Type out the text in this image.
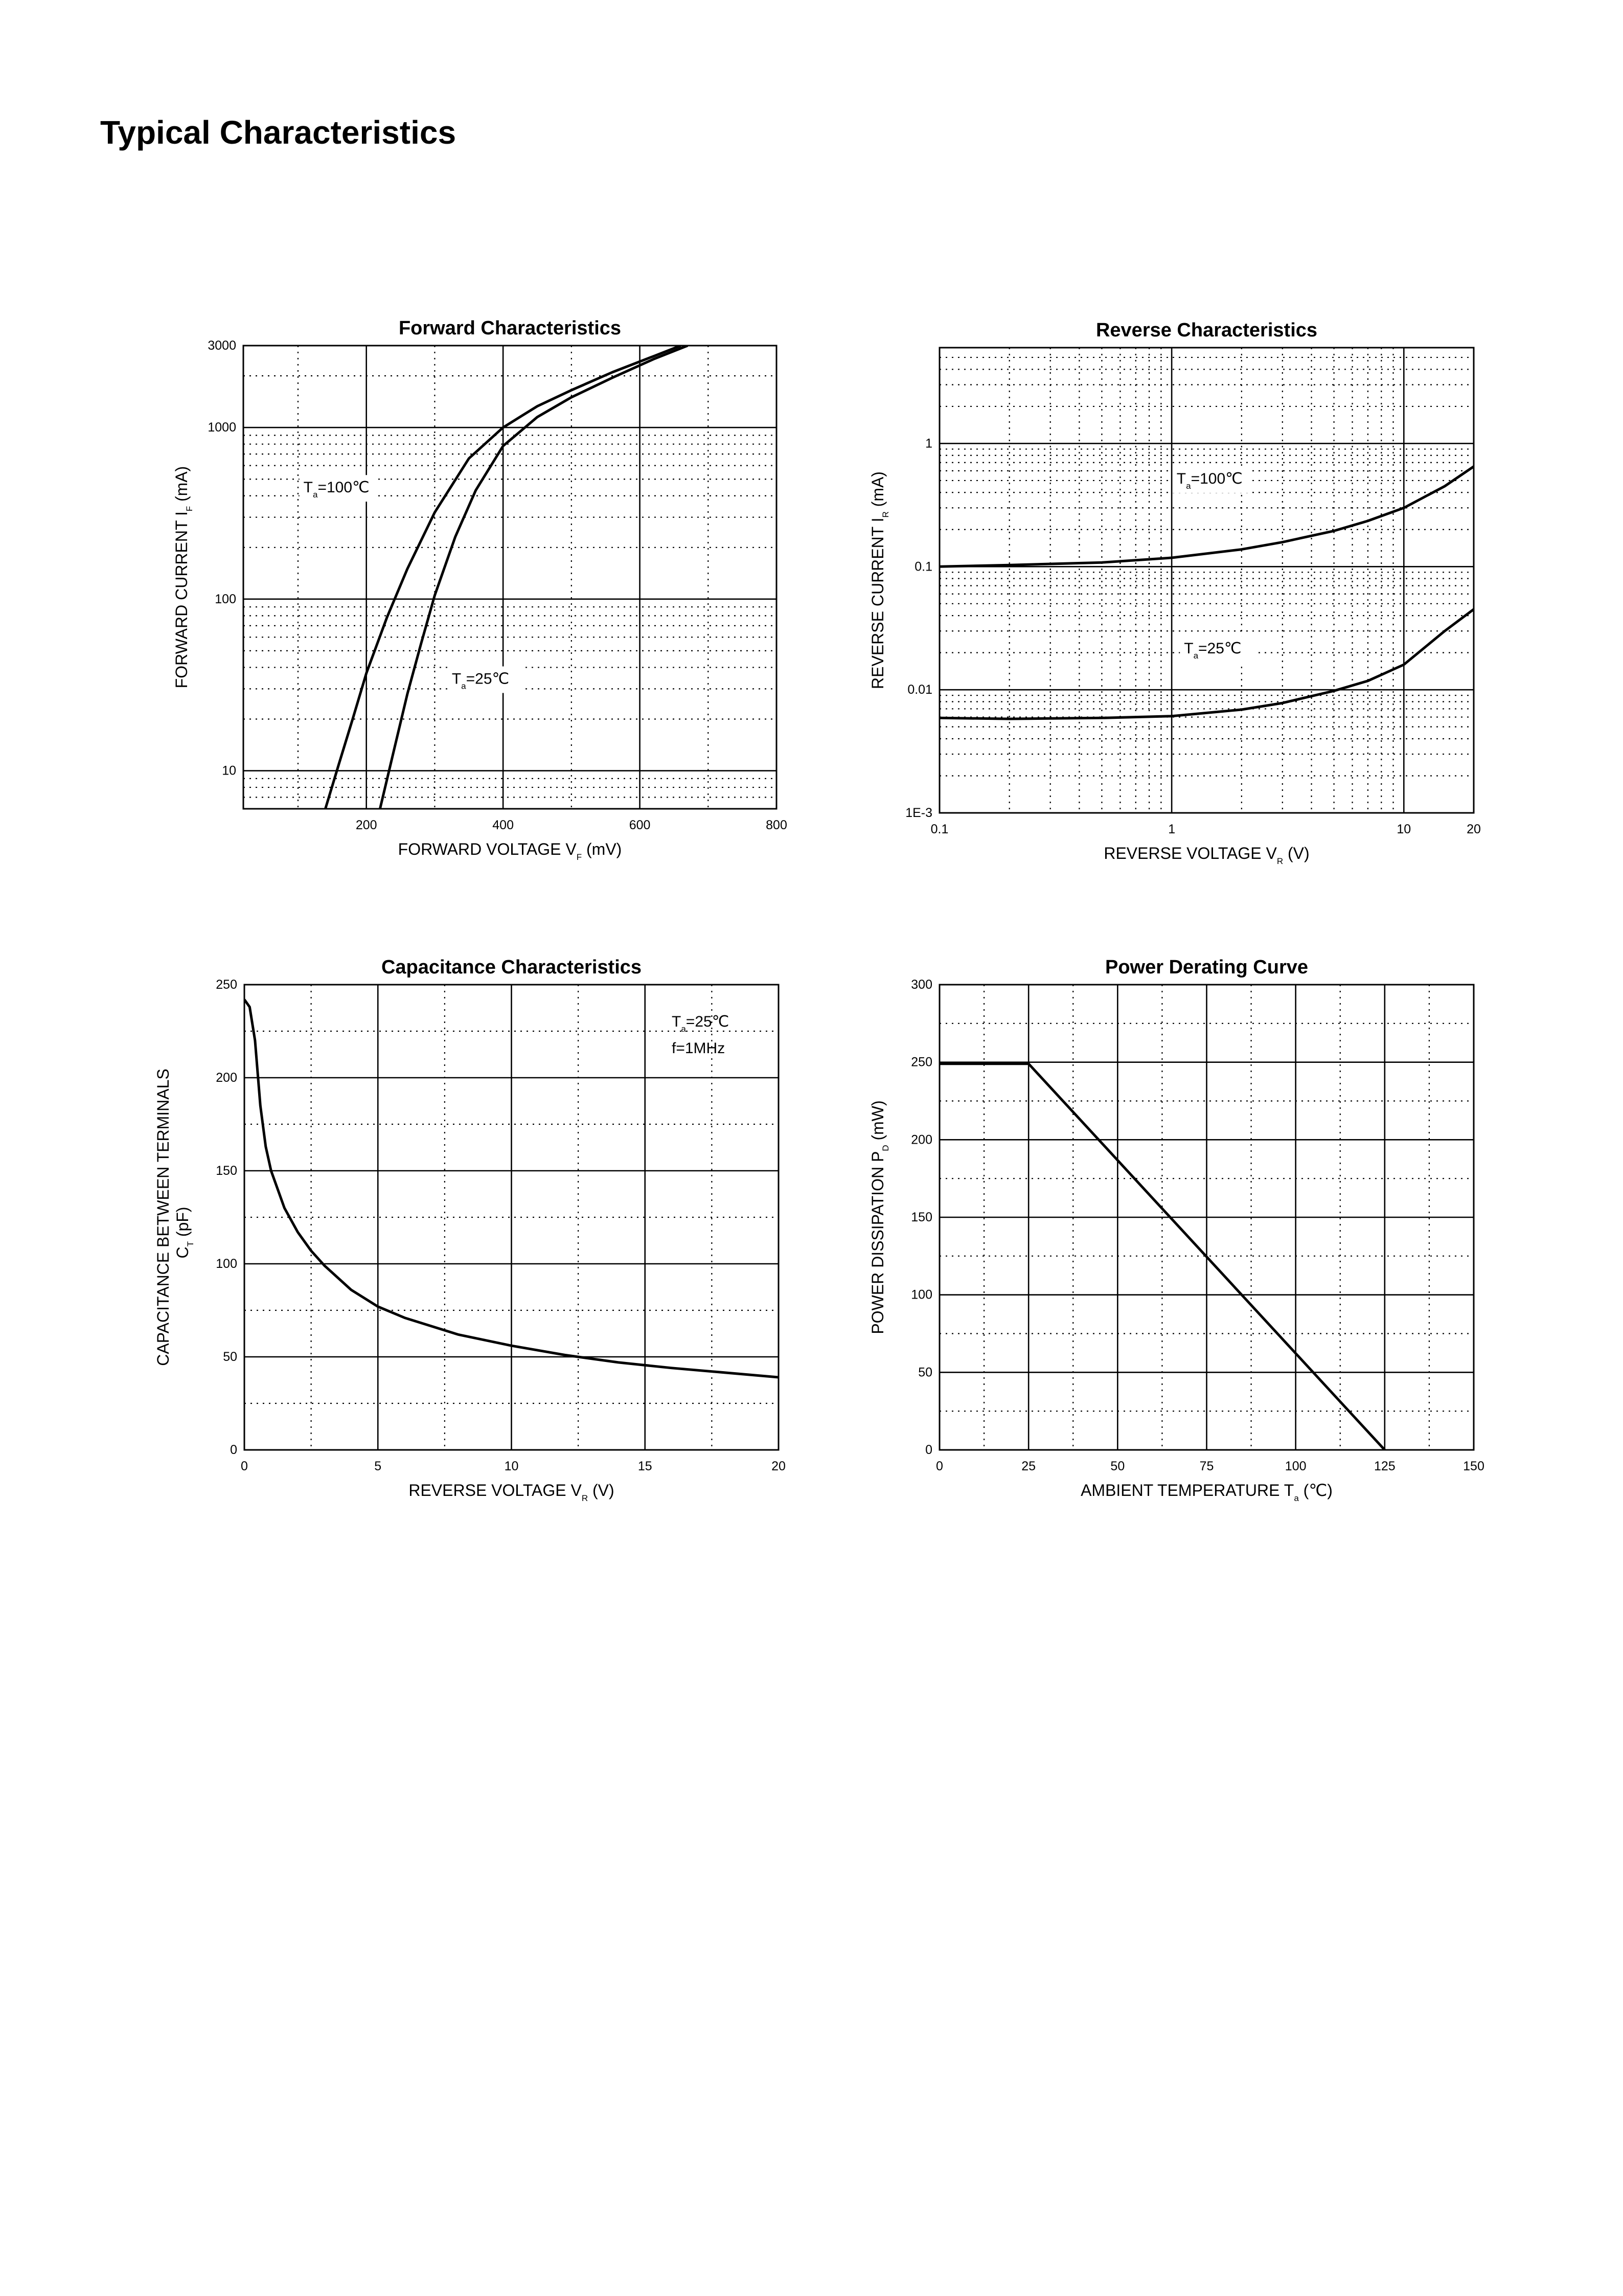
Typical Characteristics
Forward Characteristics
200	400	600	800
10
100
1000
3000
FORWARD VOLTAGE $V_F$ (mV)
FORWARD CURRENT $I_F$ (mA)	$T_a=100℃$
$T_a=25℃$
Reverse Characteristics
0.1	1	10	20
1E-3
0.01
0.1
1
REVERSE VOLTAGE $V_R$ (V)
REVERSE CURRENT $I_R$ (mA)	$T_a=100℃$
$T_a=25℃$
Capacitance Characteristics
0	5	10	15	20
0
50
100
150
200
250
REVERSE VOLTAGE $V_R$ (V)
CAPACITANCE BETWEEN $TERMINALSC_T$ (pF)
$T_a=25℃$
f=1MHz
Power Derating Curve
0	25	50	75	100	125	150
0
50
100
150
200
250
300
AMBIENT TEMPERATURE $T_a$ (℃)
POWER DISSIPATION $P_D$ (mW)
